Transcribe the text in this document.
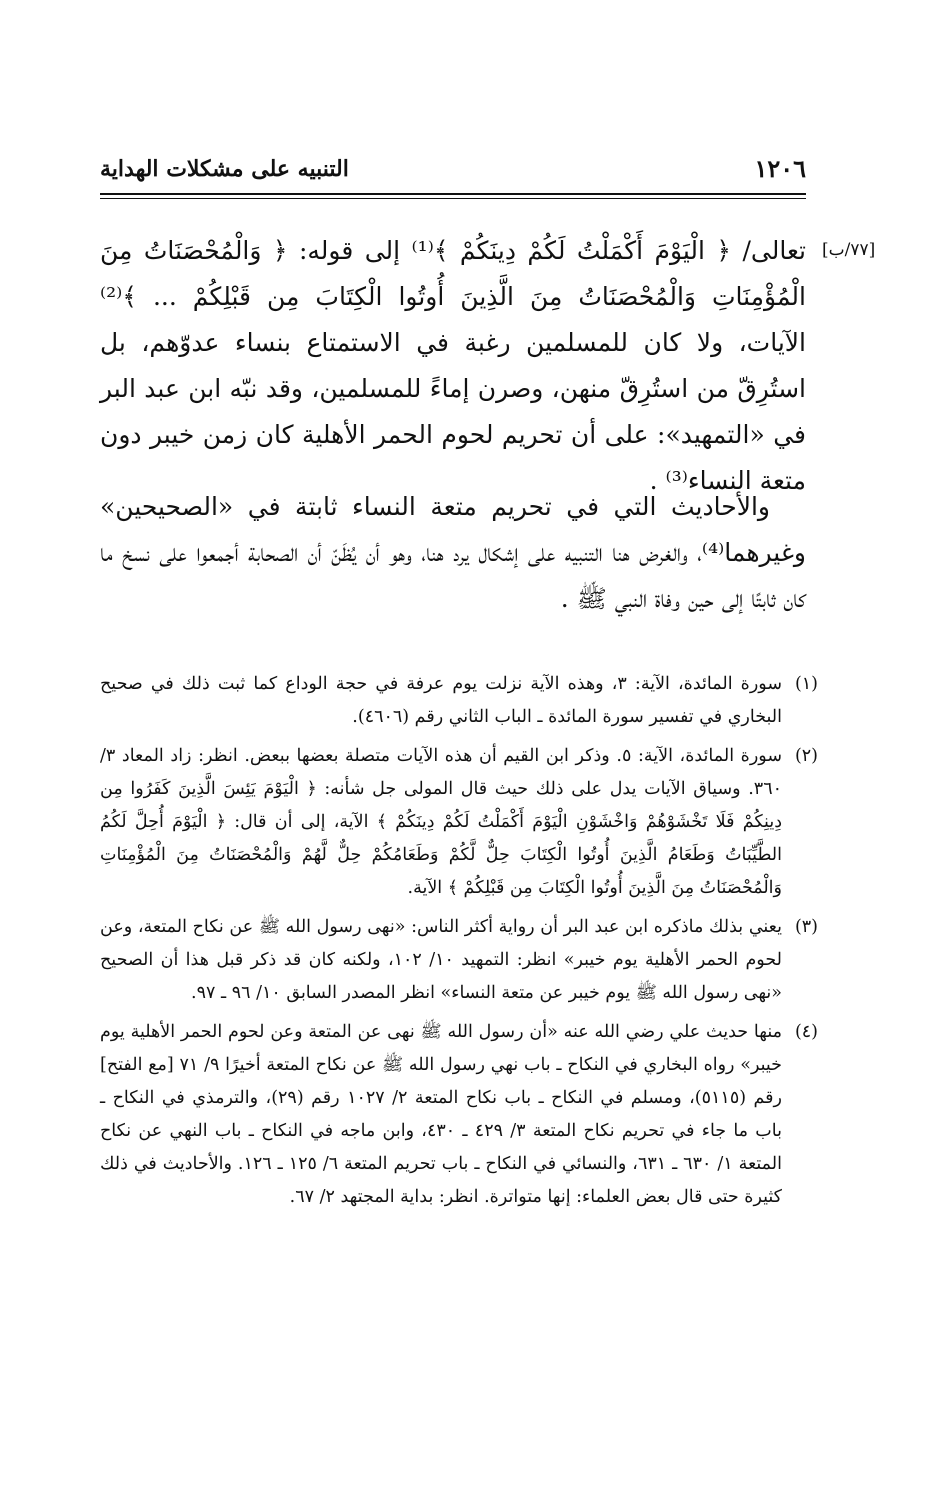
١٢٠٦
التنبيه على مشكلات الهداية
[٧٧/ب]

تعالى/ ﴿ الْيَوْمَ أَكْمَلْتُ لَكُمْ دِينَكُمْ ﴾⁽¹⁾ إلى قوله: ﴿ وَالْمُحْصَنَاتُ مِنَ الْمُؤْمِنَاتِ وَالْمُحْصَنَاتُ مِنَ الَّذِينَ أُوتُوا الْكِتَابَ مِن قَبْلِكُمْ ... ﴾⁽²⁾ الآيات، ولا كان للمسلمين رغبة في الاستمتاع بنساء عدوّهم، بل استُرِقّ من استُرِقّ منهن، وصرن إماءً للمسلمين، وقد نبّه ابن عبد البر في «التمهيد»: على أن تحريم لحوم الحمر الأهلية كان زمن خيبر دون متعة النساء⁽³⁾ .

والأحاديث التي في تحريم متعة النساء ثابتة في «الصحيحين» وغيرهما⁽⁴⁾، والغرض هنا التنبيه على إشكال يرد هنا، وهو أن يُظَنّ أن الصحابة أجمعوا على نسخ ما كان ثابتًا إلى حين وفاة النبي ﷺ .

(١)
سورة المائدة، الآية: ٣، وهذه الآية نزلت يوم عرفة في حجة الوداع كما ثبت ذلك في صحيح البخاري في تفسير سورة المائدة ـ الباب الثاني رقم (٤٦٠٦).
(٢)
سورة المائدة، الآية: ٥. وذكر ابن القيم أن هذه الآيات متصلة بعضها ببعض. انظر: زاد المعاد ٣/ ٣٦٠. وسياق الآيات يدل على ذلك حيث قال المولى جل شأنه: ﴿ الْيَوْمَ يَئِسَ الَّذِينَ كَفَرُوا مِن دِينِكُمْ فَلَا تَخْشَوْهُمْ وَاخْشَوْنِ الْيَوْمَ أَكْمَلْتُ لَكُمْ دِينَكُمْ ﴾ الآية، إلى أن قال: ﴿ الْيَوْمَ أُحِلَّ لَكُمُ الطَّيِّبَاتُ وَطَعَامُ الَّذِينَ أُوتُوا الْكِتَابَ حِلٌّ لَّكُمْ وَطَعَامُكُمْ حِلٌّ لَّهُمْ وَالْمُحْصَنَاتُ مِنَ الْمُؤْمِنَاتِ وَالْمُحْصَنَاتُ مِنَ الَّذِينَ أُوتُوا الْكِتَابَ مِن قَبْلِكُمْ ﴾ الآية.
(٣)
يعني بذلك ماذكره ابن عبد البر أن رواية أكثر الناس: «نهى رسول الله ﷺ عن نكاح المتعة، وعن لحوم الحمر الأهلية يوم خيبر» انظر: التمهيد ١٠/ ١٠٢، ولكنه كان قد ذكر قبل هذا أن الصحيح «نهى رسول الله ﷺ يوم خيبر عن متعة النساء» انظر المصدر السابق ١٠/ ٩٦ ـ ٩٧.
(٤)
منها حديث علي رضي الله عنه «أن رسول الله ﷺ نهى عن المتعة وعن لحوم الحمر الأهلية يوم خيبر» رواه البخاري في النكاح ـ باب نهي رسول الله ﷺ عن نكاح المتعة أخيرًا ٩/ ٧١ [مع الفتح] رقم (٥١١٥)، ومسلم في النكاح ـ باب نكاح المتعة ٢/ ١٠٢٧ رقم (٢٩)، والترمذي في النكاح ـ باب ما جاء في تحريم نكاح المتعة ٣/ ٤٢٩ ـ ٤٣٠، وابن ماجه في النكاح ـ باب النهي عن نكاح المتعة ١/ ٦٣٠ ـ ٦٣١، والنسائي في النكاح ـ باب تحريم المتعة ٦/ ١٢٥ ـ ١٢٦. والأحاديث في ذلك كثيرة حتى قال بعض العلماء: إنها متواترة. انظر: بداية المجتهد ٢/ ٦٧.
